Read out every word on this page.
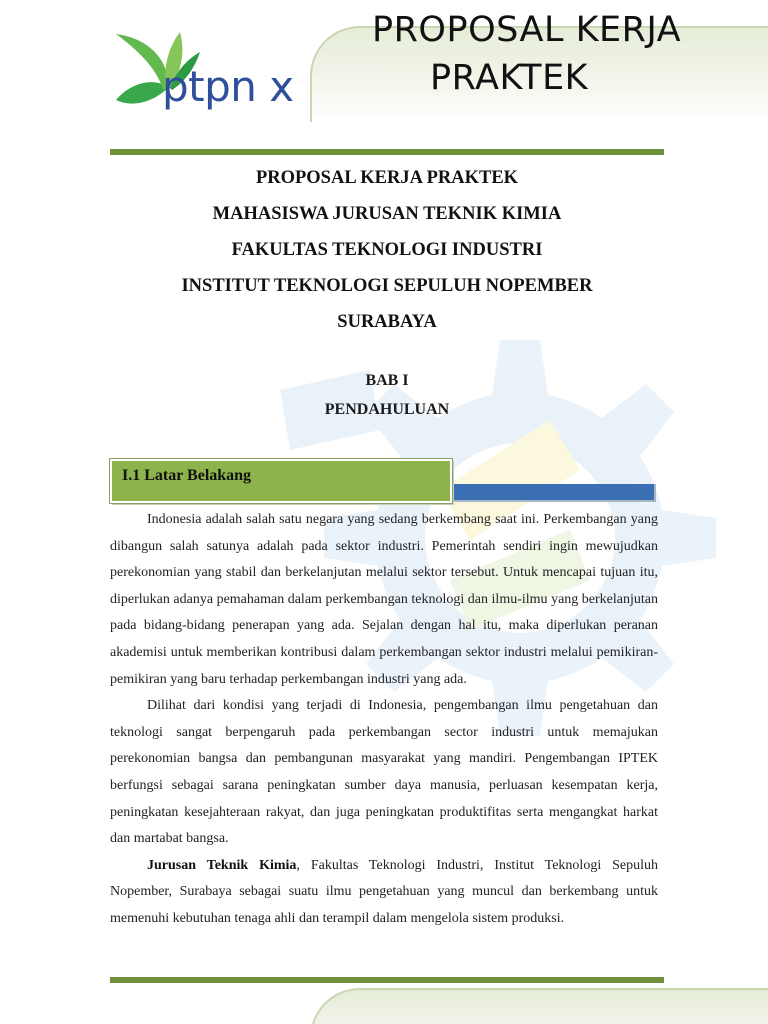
PROPOSAL KERJA
PRAKTEK
ptpn x
PROPOSAL KERJA PRAKTEK
MAHASISWA JURUSAN TEKNIK KIMIA
FAKULTAS TEKNOLOGI INDUSTRI
INSTITUT TEKNOLOGI SEPULUH NOPEMBER
SURABAYA
BAB I
PENDAHULUAN
I.1 Latar Belakang

Indonesia adalah salah satu negara yang sedang berkembang saat ini. Perkembangan yang dibangun salah satunya adalah pada sektor industri. Pemerintah sendiri ingin mewujudkan perekonomian yang stabil dan berkelanjutan melalui sektor tersebut. Untuk mencapai tujuan itu, diperlukan adanya pemahaman dalam perkembangan teknologi dan ilmu-ilmu yang berkelanjutan pada bidang-bidang penerapan yang ada. Sejalan dengan hal itu, maka diperlukan peranan akademisi untuk memberikan kontribusi dalam perkembangan sektor industri melalui pemikiran-pemikiran yang baru terhadap perkembangan industri yang ada.

Dilihat dari kondisi yang terjadi di Indonesia, pengembangan ilmu pengetahuan dan teknologi sangat berpengaruh pada perkembangan sector industri untuk memajukan perekonomian bangsa dan pembangunan masyarakat yang mandiri. Pengembangan IPTEK berfungsi sebagai sarana peningkatan sumber daya manusia, perluasan kesempatan kerja, peningkatan kesejahteraan rakyat, dan juga peningkatan produktifitas serta mengangkat harkat dan martabat bangsa.

Jurusan Teknik Kimia, Fakultas Teknologi Industri, Institut Teknologi Sepuluh Nopember, Surabaya sebagai suatu ilmu pengetahuan yang muncul dan berkembang untuk memenuhi kebutuhan tenaga ahli dan terampil dalam mengelola sistem produksi.
